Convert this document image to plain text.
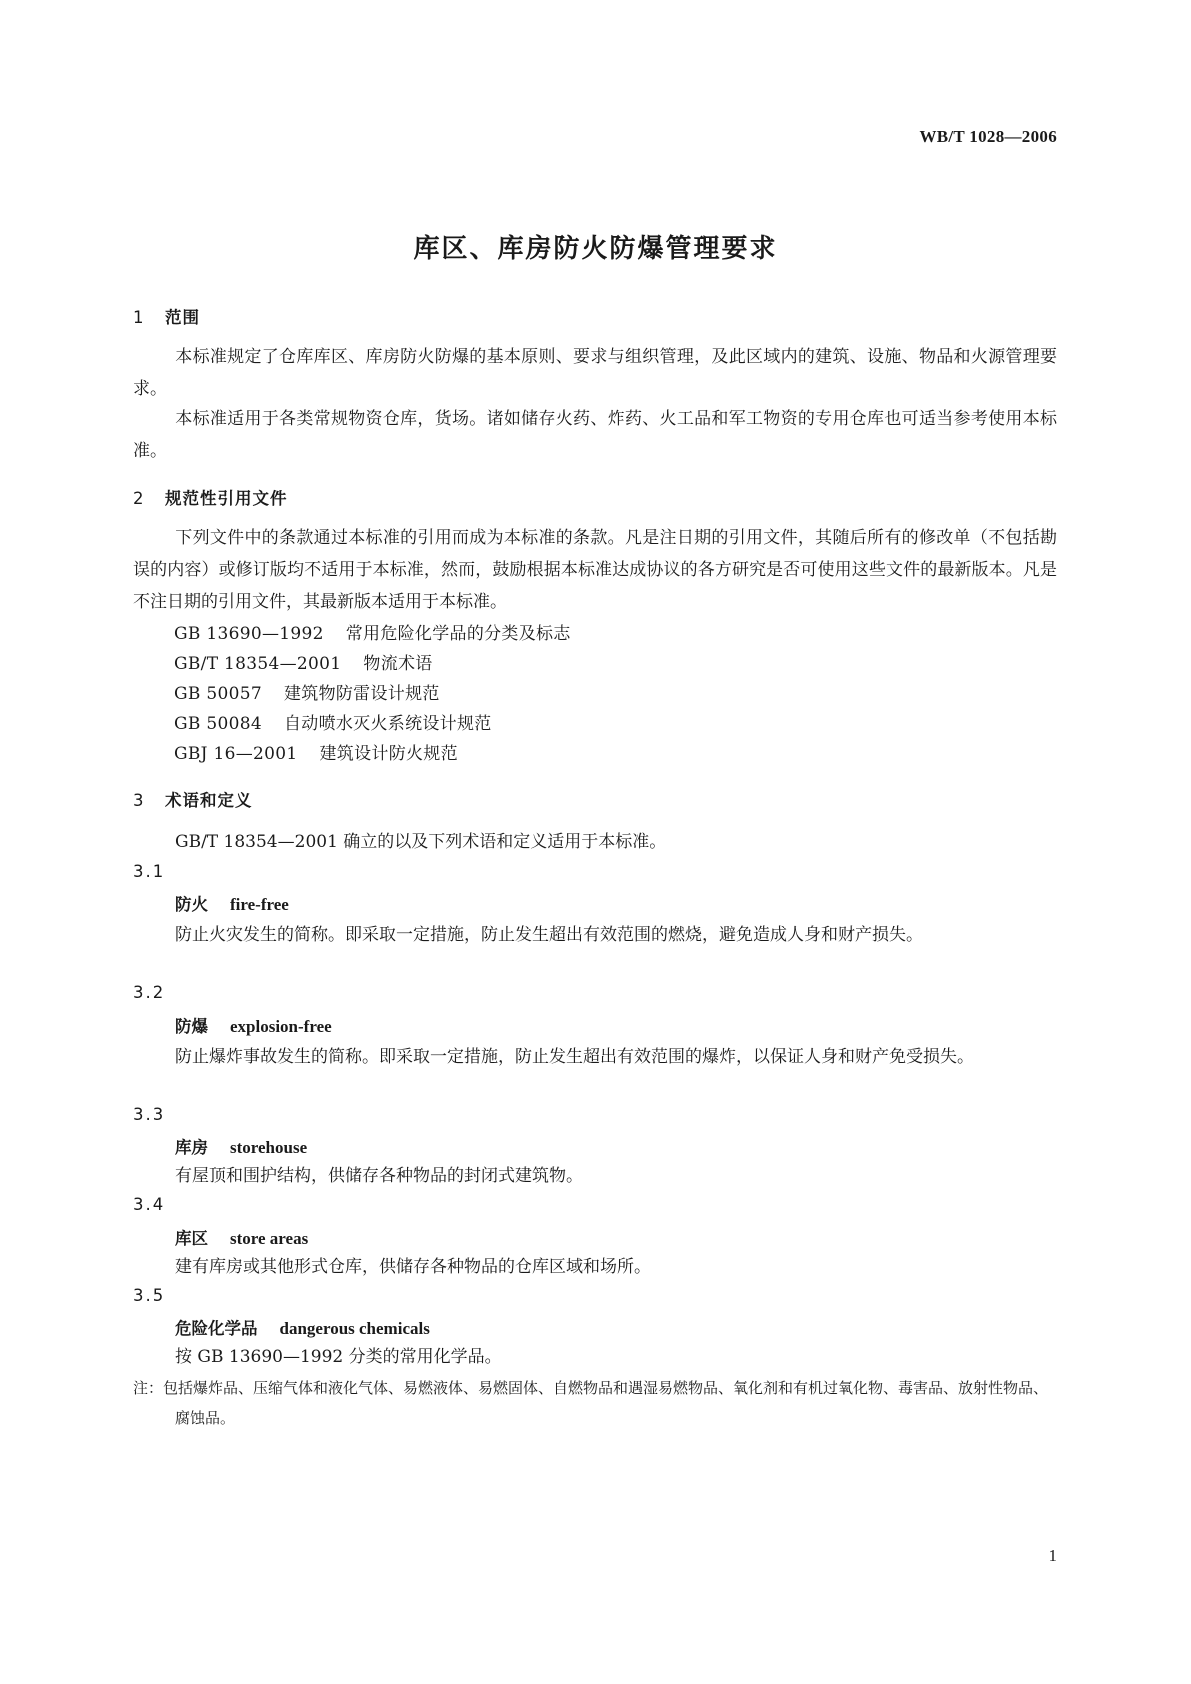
WB/T 1028—2006
库区、库房防火防爆管理要求
1 范围
本标准规定了仓库库区、库房防火防爆的基本原则、要求与组织管理，及此区域内的建筑、设施、物品和火源管理要求。
本标准适用于各类常规物资仓库，货场。诸如储存火药、炸药、火工品和军工物资的专用仓库也可适当参考使用本标准。
2 规范性引用文件
下列文件中的条款通过本标准的引用而成为本标准的条款。凡是注日期的引用文件，其随后所有的修改单（不包括勘误的内容）或修订版均不适用于本标准，然而，鼓励根据本标准达成协议的各方研究是否可使用这些文件的最新版本。凡是不注日期的引用文件，其最新版本适用于本标准。
GB 13690—1992 常用危险化学品的分类及标志
GB/T 18354—2001 物流术语
GB 50057 建筑物防雷设计规范
GB 50084 自动喷水灭火系统设计规范
GBJ 16—2001 建筑设计防火规范
3 术语和定义
GB/T 18354—2001 确立的以及下列术语和定义适用于本标准。
3.1
防火 fire-free
防止火灾发生的简称。即采取一定措施，防止发生超出有效范围的燃烧，避免造成人身和财产损失。
3.2
防爆 explosion-free
防止爆炸事故发生的简称。即采取一定措施，防止发生超出有效范围的爆炸，以保证人身和财产免受损失。
3.3
库房 storehouse
有屋顶和围护结构，供储存各种物品的封闭式建筑物。
3.4
库区 store areas
建有库房或其他形式仓库，供储存各种物品的仓库区域和场所。
3.5
危险化学品 dangerous chemicals
按 GB 13690—1992 分类的常用化学品。
注：包括爆炸品、压缩气体和液化气体、易燃液体、易燃固体、自燃物品和遇湿易燃物品、氧化剂和有机过氧化物、毒害品、放射性物品、腐蚀品。
1
